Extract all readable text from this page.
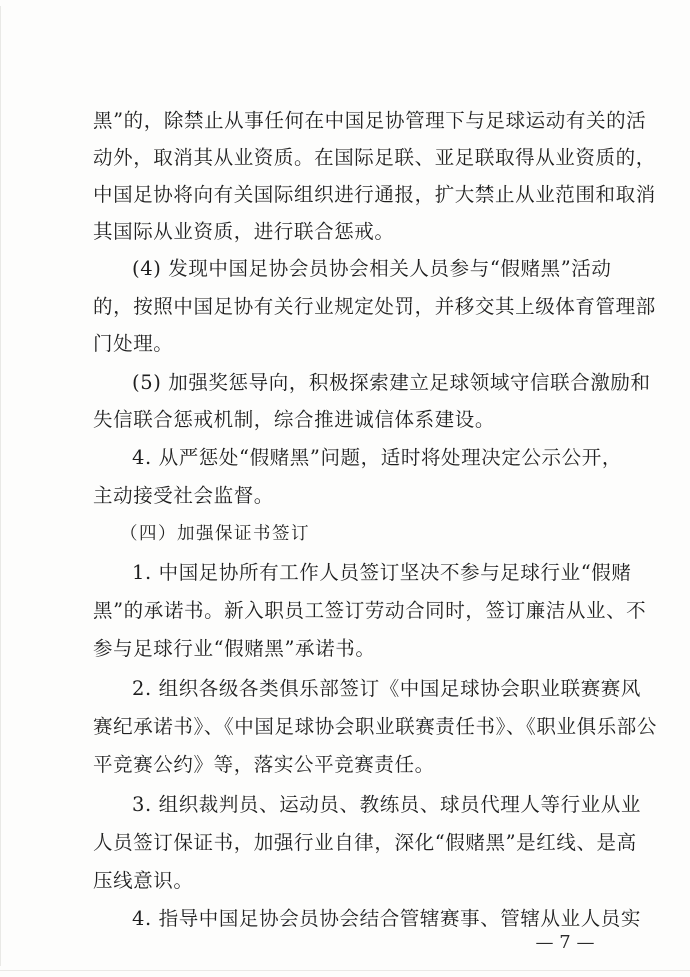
黑”的，除禁止从事任何在中国足协管理下与足球运动有关的活
动外，取消其从业资质。在国际足联、亚足联取得从业资质的，
中国足协将向有关国际组织进行通报，扩大禁止从业范围和取消
其国际从业资质，进行联合惩戒。
(4) 发现中国足协会员协会相关人员参与“假赌黑”活动
的，按照中国足协有关行业规定处罚，并移交其上级体育管理部
门处理。
(5) 加强奖惩导向，积极探索建立足球领域守信联合激励和
失信联合惩戒机制，综合推进诚信体系建设。
4. 从严惩处“假赌黑”问题，适时将处理决定公示公开，
主动接受社会监督。
（四）加强保证书签订
1. 中国足协所有工作人员签订坚决不参与足球行业“假赌
黑”的承诺书。新入职员工签订劳动合同时，签订廉洁从业、不
参与足球行业“假赌黑”承诺书。
2. 组织各级各类俱乐部签订《中国足球协会职业联赛赛风
赛纪承诺书》、《中国足球协会职业联赛责任书》、《职业俱乐部公
平竞赛公约》等，落实公平竞赛责任。
3. 组织裁判员、运动员、教练员、球员代理人等行业从业
人员签订保证书，加强行业自律，深化“假赌黑”是红线、是高
压线意识。
4. 指导中国足协会员协会结合管辖赛事、管辖从业人员实
— 7 —
